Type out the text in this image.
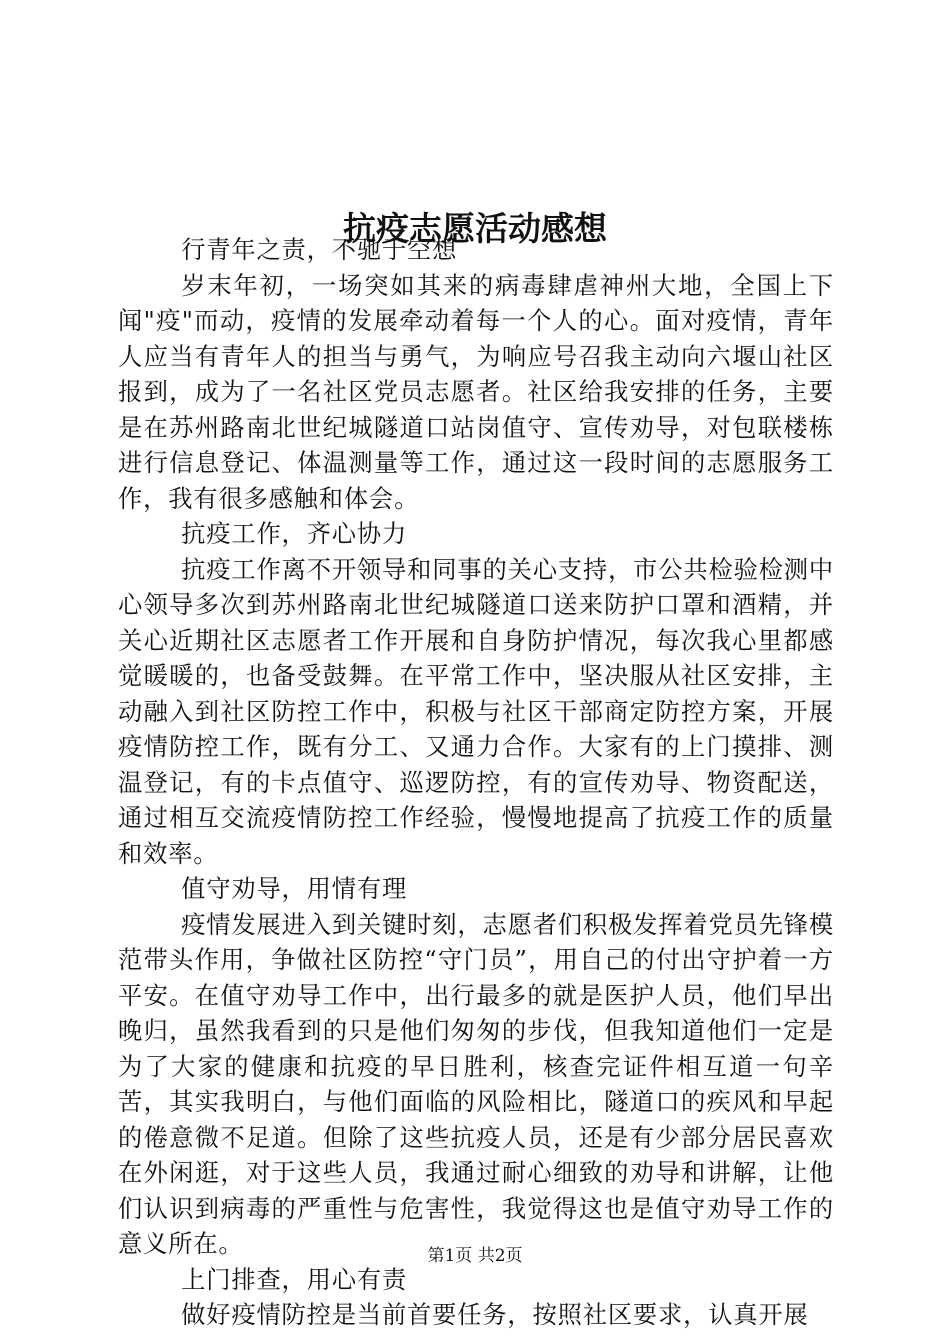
抗疫志愿活动感想

行青年之责，不驰于空想

岁末年初，一场突如其来的病毒肆虐神州大地，全国上下闻"疫"而动，疫情的发展牵动着每一个人的心。面对疫情，青年人应当有青年人的担当与勇气，为响应号召我主动向六堰山社区报到，成为了一名社区党员志愿者。社区给我安排的任务，主要是在苏州路南北世纪城隧道口站岗值守、宣传劝导，对包联楼栋进行信息登记、体温测量等工作，通过这一段时间的志愿服务工作，我有很多感触和体会。

抗疫工作，齐心协力

抗疫工作离不开领导和同事的关心支持，市公共检验检测中心领导多次到苏州路南北世纪城隧道口送来防护口罩和酒精，并关心近期社区志愿者工作开展和自身防护情况，每次我心里都感觉暖暖的，也备受鼓舞。在平常工作中，坚决服从社区安排，主动融入到社区防控工作中，积极与社区干部商定防控方案，开展疫情防控工作，既有分工、又通力合作。大家有的上门摸排、测温登记，有的卡点值守、巡逻防控，有的宣传劝导、物资配送，通过相互交流疫情防控工作经验，慢慢地提高了抗疫工作的质量和效率。

值守劝导，用情有理

疫情发展进入到关键时刻，志愿者们积极发挥着党员先锋模范带头作用，争做社区防控“守门员”，用自己的付出守护着一方平安。在值守劝导工作中，出行最多的就是医护人员，他们早出晚归，虽然我看到的只是他们匆匆的步伐，但我知道他们一定是为了大家的健康和抗疫的早日胜利，核查完证件相互道一句辛苦，其实我明白，与他们面临的风险相比，隧道口的疾风和早起的倦意微不足道。但除了这些抗疫人员，还是有少部分居民喜欢在外闲逛，对于这些人员，我通过耐心细致的劝导和讲解，让他们认识到病毒的严重性与危害性，我觉得这也是值守劝导工作的意义所在。

上门排查，用心有责

做好疫情防控是当前首要任务，按照社区要求，认真开展

第1页 共2页
